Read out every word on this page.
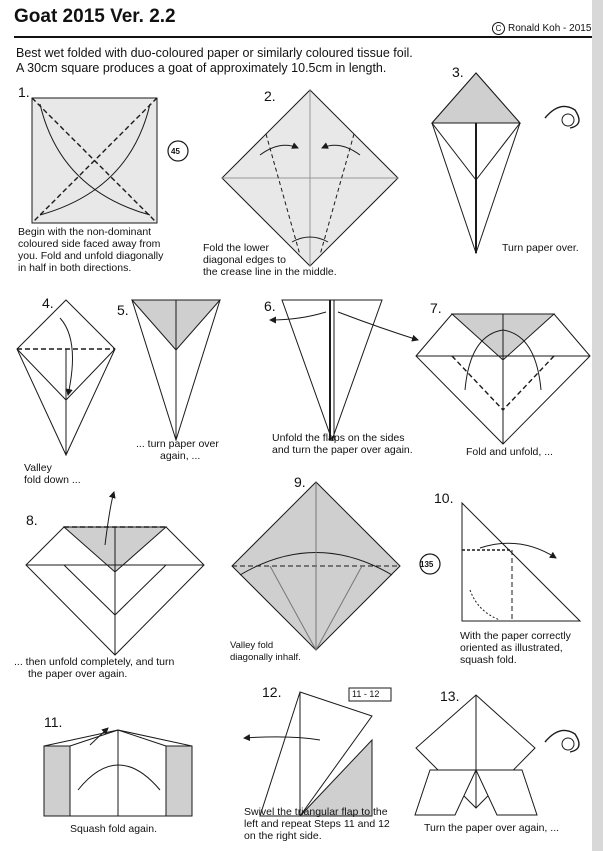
Goat 2015 Ver. 2.2
C Ronald Koh - 2015
Best wet folded with duo-coloured paper or similarly coloured tissue foil.
A 30cm square produces a goat of approximately 10.5cm in length.
45
135
11 - 12
1.	2.
3.
4.	5.	6.	7.
8.
9.
10.
11.
12.	13.
Begin with the non-dominant
coloured side faced away from
you. Fold and unfold diagonally
in half in both directions.
Fold the lower
diagonal edges to
the crease line in the middle.
Turn paper over.
Valley
fold down ...
... turn paper over
again, ...
Unfold the flaps on the sides
and turn the paper over again.	Fold and unfold, ...
... then unfold completely, and turn
the paper over again.
Valley fold
diagonally inhalf.
With the paper correctly
oriented as illustrated,
squash fold.
Squash fold again.
Swivel the triangular flap to the
left and repeat Steps 11 and 12
on the right side.
Turn the paper over again, ...
